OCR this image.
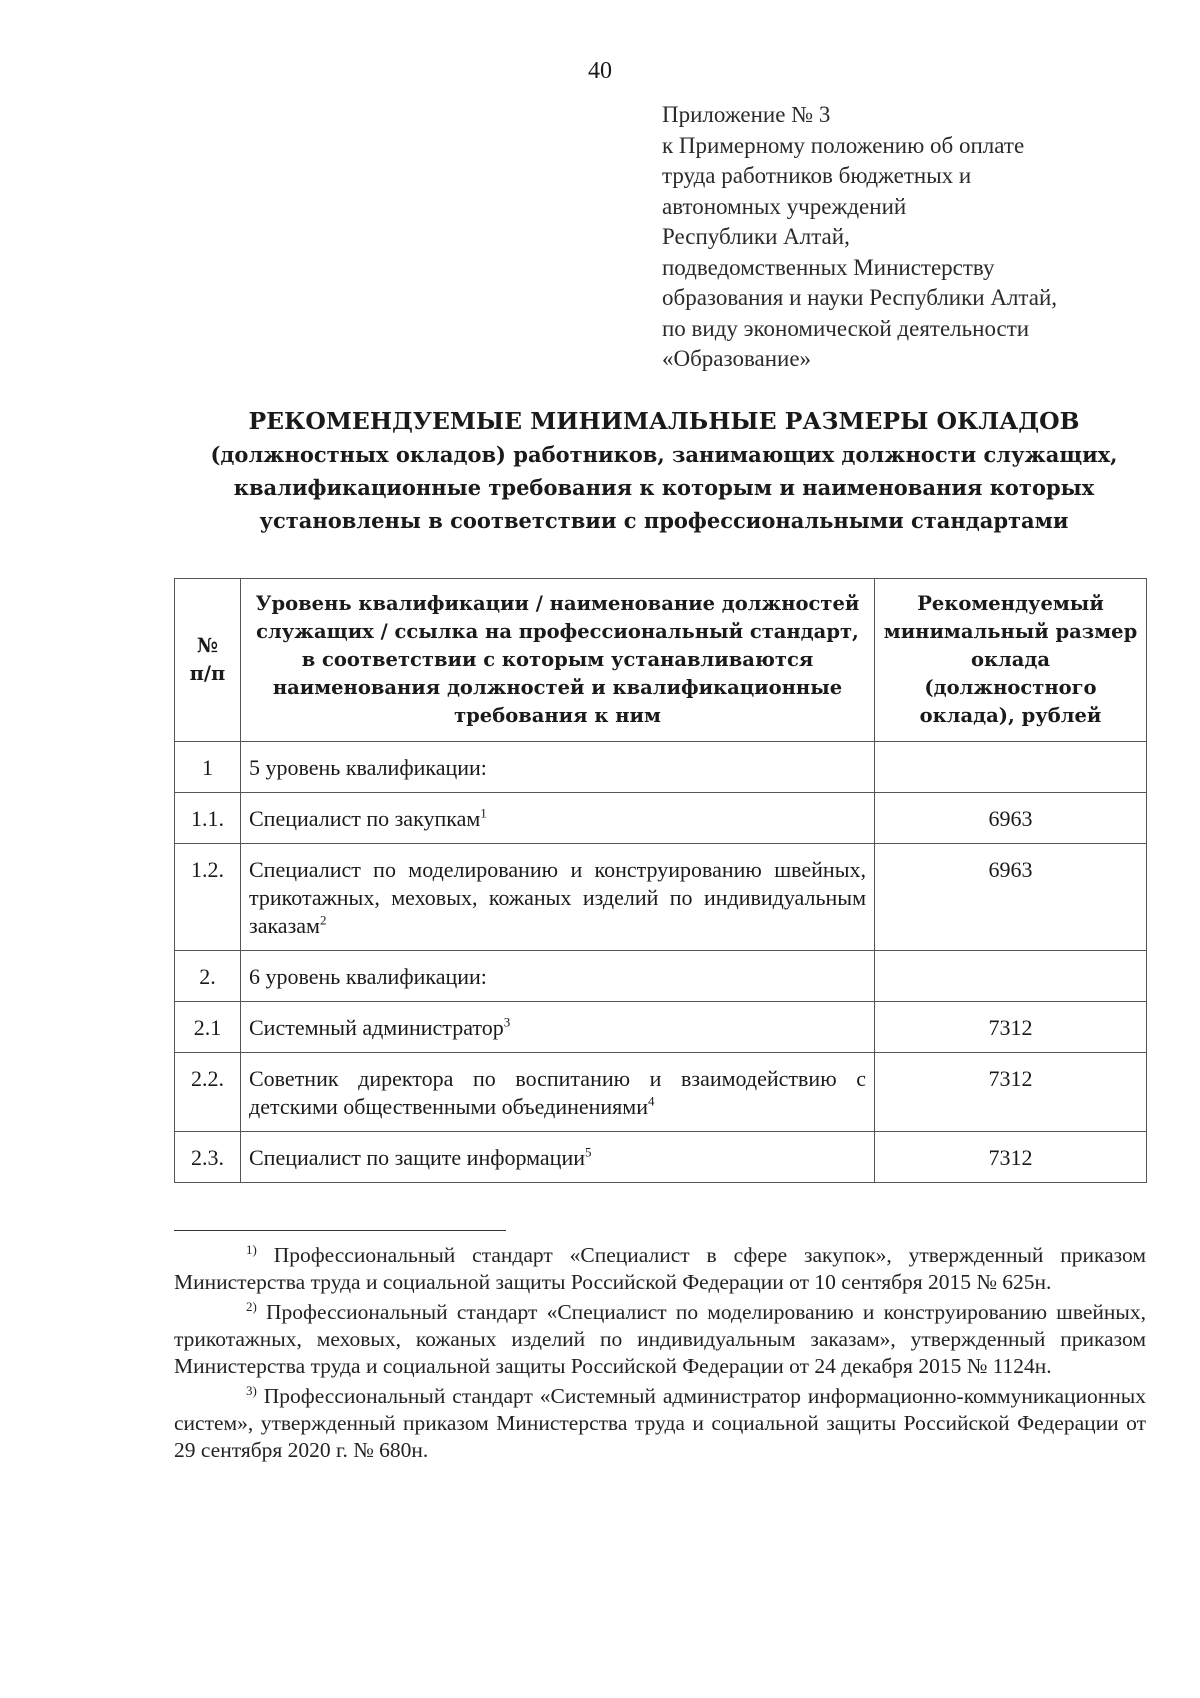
40
Приложение № 3
к Примерному положению об оплате
труда работников бюджетных и
автономных учреждений
Республики Алтай,
подведомственных Министерству
образования и науки Республики Алтай,
по виду экономической деятельности
«Образование»
РЕКОМЕНДУЕМЫЕ МИНИМАЛЬНЫЕ РАЗМЕРЫ ОКЛАДОВ (должностных окладов) работников, занимающих должности служащих, квалификационные требования к которым и наименования которых установлены в соответствии с профессиональными стандартами
№ п/п	Уровень квалификации / наименование должностей служащих / ссылка на профессиональный стандарт, в соответствии с которым устанавливаются наименования должностей и квалификационные требования к ним	Рекомендуемый минимальный размер оклада (должностного оклада), рублей
1	5 уровень квалификации:	
1.1.	Специалист по закупкам$^1$	6963
1.2.	Специалист по моделированию и конструированию швейных, трикотажных, меховых, кожаных изделий по индивидуальным заказам$^2$	6963
2.	6 уровень квалификации:	
2.1	Системный администратор$^3$	7312
2.2.	Советник директора по воспитанию и взаимодействию с детскими общественными объединениями$^4$	7312
2.3.	Специалист по защите информации$^5$	7312

$^{1)}$ Профессиональный стандарт «Специалист в сфере закупок», утвержденный приказом Министерства труда и социальной защиты Российской Федерации от 10 сентября 2015 № 625н.

$^{2)}$ Профессиональный стандарт «Специалист по моделированию и конструированию швейных, трикотажных, меховых, кожаных изделий по индивидуальным заказам», утвержденный приказом Министерства труда и социальной защиты Российской Федерации от 24 декабря 2015 № 1124н.

$^{3)}$ Профессиональный стандарт «Системный администратор информационно-коммуникационных систем», утвержденный приказом Министерства труда и социальной защиты Российской Федерации от 29 сентября 2020 г. № 680н.
